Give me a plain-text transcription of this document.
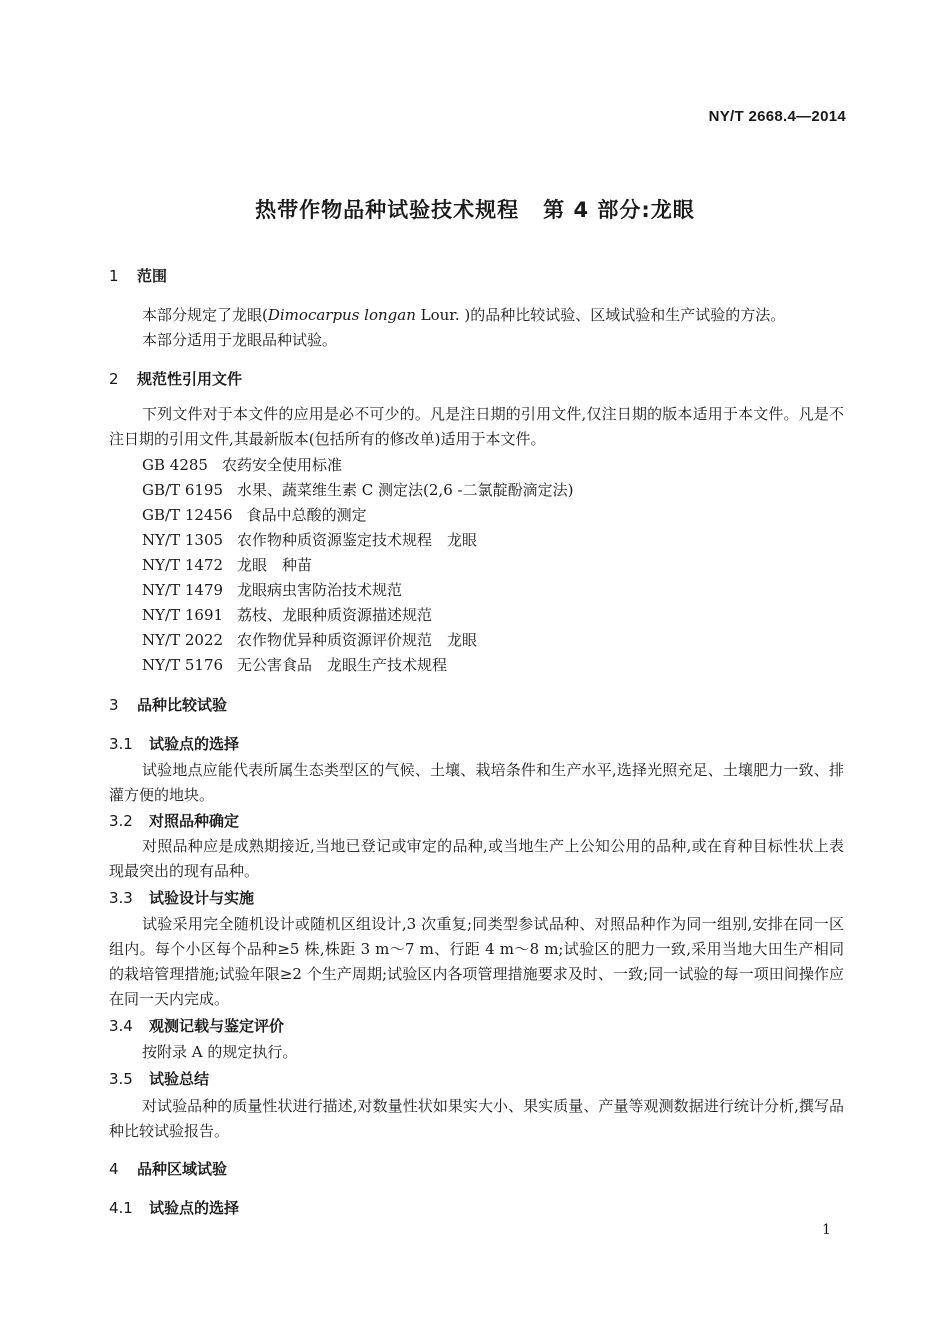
NY/T 2668.4—2014
热带作物品种试验技术规程 第 4 部分:龙眼
1 范围
本部分规定了龙眼(Dimocarpus longan Lour. )的品种比较试验、区域试验和生产试验的方法。
本部分适用于龙眼品种试验。
2 规范性引用文件

下列文件对于本文件的应用是必不可少的。凡是注日期的引用文件,仅注日期的版本适用于本文件。凡是不注日期的引用文件,其最新版本(包括所有的修改单)适用于本文件。

GB 4285 农药安全使用标准
GB/T 6195 水果、蔬菜维生素 C 测定法(2,6 -二氯靛酚滴定法)
GB/T 12456 食品中总酸的测定
NY/T 1305 农作物种质资源鉴定技术规程　龙眼
NY/T 1472 龙眼　种苗
NY/T 1479 龙眼病虫害防治技术规范
NY/T 1691 荔枝、龙眼种质资源描述规范
NY/T 2022 农作物优异种质资源评价规范　龙眼
NY/T 5176 无公害食品　龙眼生产技术规程
3 品种比较试验
3.1 试验点的选择

试验地点应能代表所属生态类型区的气候、土壤、栽培条件和生产水平,选择光照充足、土壤肥力一致、排灌方便的地块。

3.2 对照品种确定

对照品种应是成熟期接近,当地已登记或审定的品种,或当地生产上公知公用的品种,或在育种目标性状上表现最突出的现有品种。

3.3 试验设计与实施

试验采用完全随机设计或随机区组设计,3 次重复;同类型参试品种、对照品种作为同一组别,安排在同一区组内。每个小区每个品种≥5 株,株距 3 m～7 m、行距 4 m～8 m;试验区的肥力一致,采用当地大田生产相同的栽培管理措施;试验年限≥2 个生产周期;试验区内各项管理措施要求及时、一致;同一试验的每一项田间操作应在同一天内完成。

3.4 观测记载与鉴定评价

按附录 A 的规定执行。

3.5 试验总结

对试验品种的质量性状进行描述,对数量性状如果实大小、果实质量、产量等观测数据进行统计分析,撰写品种比较试验报告。

4 品种区域试验
4.1 试验点的选择
1
